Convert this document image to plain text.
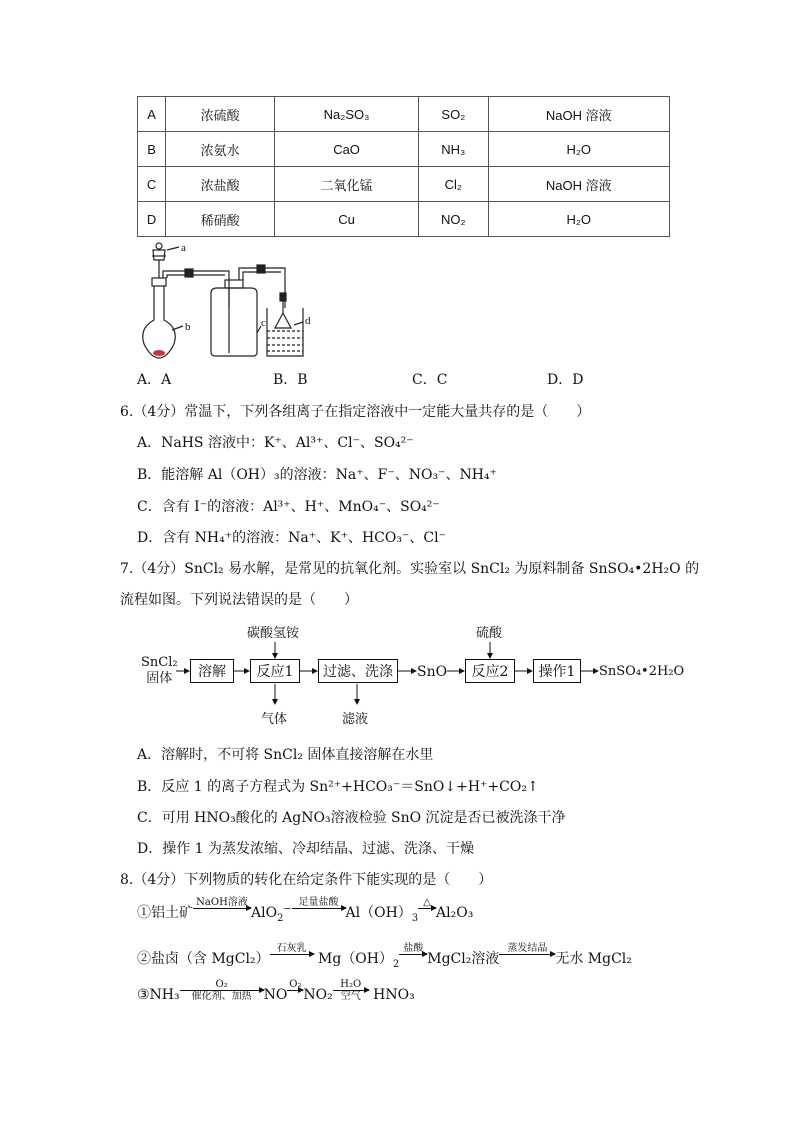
A	浓硫酸	Na₂SO₃	SO₂	NaOH 溶液
B	浓氨水	CaO	NH₃	H₂O
C	浓盐酸	二氧化锰	Cl₂	NaOH 溶液
D	稀硝酸	Cu	NO₂	H₂O
a
b	c	d
A．A	B．B	C．C	D．D
6.（4分）常温下，下列各组离子在指定溶液中一定能大量共存的是（　　）
A．NaHS 溶液中：K⁺、Al³⁺、Cl⁻、SO₄²⁻
B．能溶解 Al（OH）₃的溶液：Na⁺、F⁻、NO₃⁻、NH₄⁺
C．含有 I⁻的溶液：Al³⁺、H⁺、MnO₄⁻、SO₄²⁻
D．含有 NH₄⁺的溶液：Na⁺、K⁺、HCO₃⁻、Cl⁻
7.（4分）SnCl₂ 易水解，是常见的抗氧化剂。实验室以 SnCl₂ 为原料制备 SnSO₄•2H₂O 的
流程如图。下列说法错误的是（　　）
SnCl₂
固体	溶解	反应1	过滤、洗涤	SnO	反应2	操作1	SnSO₄•2H₂O
碳酸氢铵	硫酸
气体	滤液
A．溶解时，不可将 SnCl₂ 固体直接溶解在水里
B．反应 1 的离子方程式为 Sn²⁺+HCO₃⁻＝SnO↓+H⁺+CO₂↑
C．可用 HNO₃酸化的 AgNO₃溶液检验 SnO 沉淀是否已被洗涤干净
D．操作 1 为蒸发浓缩、冷却结晶、过滤、洗涤、干燥
8.（4分）下列物质的转化在给定条件下能实现的是（　　）
①铝土矿
NaOH溶液

AlO$_2$−
足量盐酸

$Al(OH)_3$
△

Al₂O₃
②盐卤（含 MgCl₂）
石灰乳

$Mg(OH)_2$
盐酸

MgCl₂溶液
蒸发结晶

无水 MgCl₂
③NH₃
O₂
催化剂、加热 NO
O₂

NO₂
H₂O
空气 HNO₃
